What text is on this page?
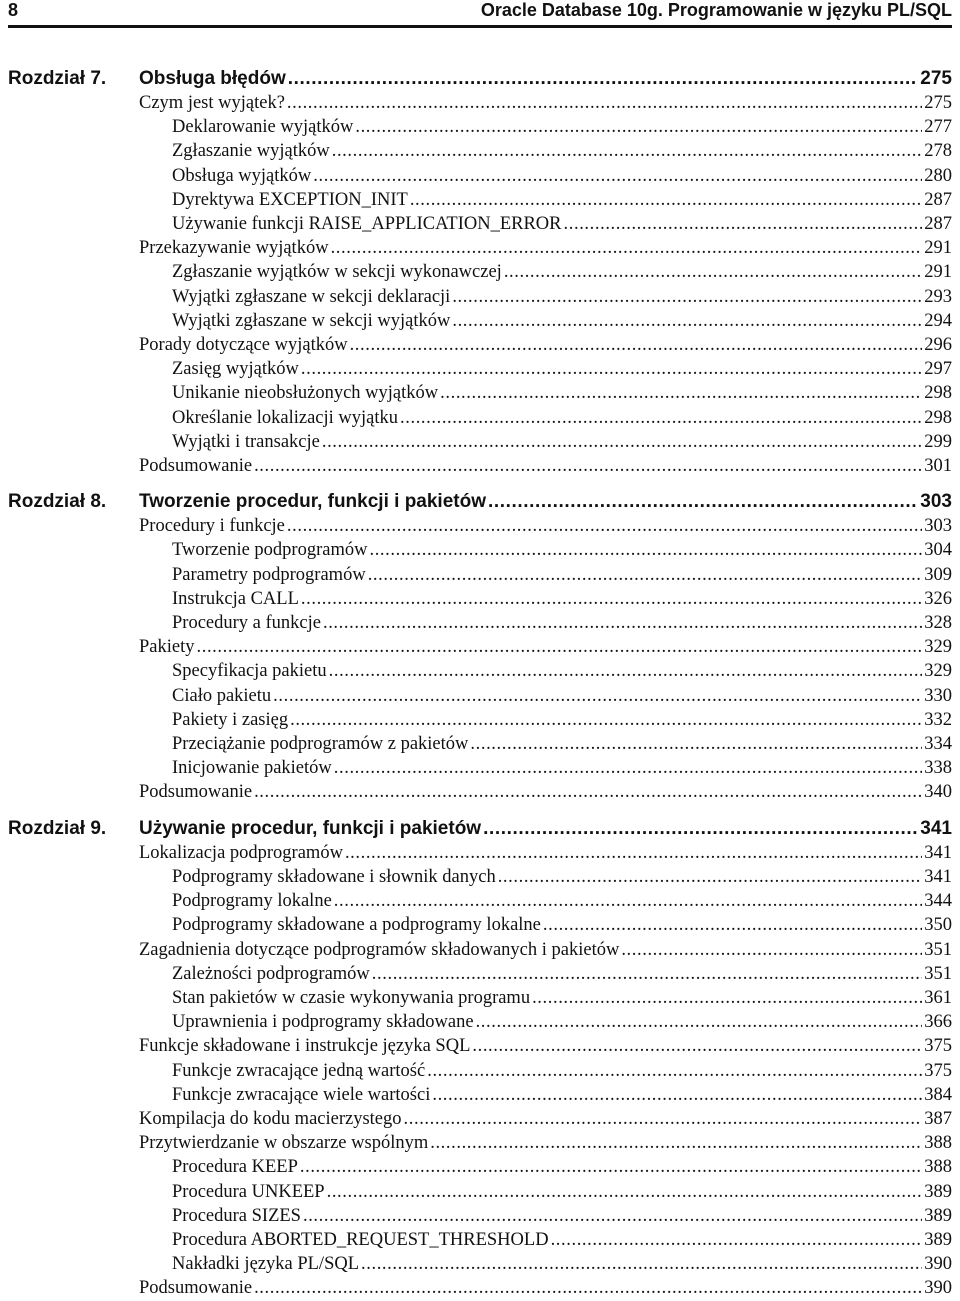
8	Oracle Database 10g. Programowanie w języku PL/SQL
Rozdział 7. Obsługa błędów .....	275
Czym jest wyjątek? .....	275
Deklarowanie wyjątków .....	277
Zgłaszanie wyjątków .....	278
Obsługa wyjątków .....	280
Dyrektywa EXCEPTION_INIT .....	287
Używanie funkcji RAISE_APPLICATION_ERROR .....	287
Przekazywanie wyjątków .....	291
Zgłaszanie wyjątków w sekcji wykonawczej .....	291
Wyjątki zgłaszane w sekcji deklaracji .....	293
Wyjątki zgłaszane w sekcji wyjątków .....	294
Porady dotyczące wyjątków .....	296
Zasięg wyjątków .....	297
Unikanie nieobsłużonych wyjątków .....	298
Określanie lokalizacji wyjątku .....	298
Wyjątki i transakcje .....	299
Podsumowanie .....	301
Rozdział 8. Tworzenie procedur, funkcji i pakietów .....	303
Procedury i funkcje .....	303
Tworzenie podprogramów .....	304
Parametry podprogramów .....	309
Instrukcja CALL .....	326
Procedury a funkcje .....	328
Pakiety .....	329
Specyfikacja pakietu .....	329
Ciało pakietu .....	330
Pakiety i zasięg .....	332
Przeciążanie podprogramów z pakietów .....	334
Inicjowanie pakietów .....	338
Podsumowanie .....	340
Rozdział 9. Używanie procedur, funkcji i pakietów .....	341
Lokalizacja podprogramów .....	341
Podprogramy składowane i słownik danych .....	341
Podprogramy lokalne .....	344
Podprogramy składowane a podprogramy lokalne .....	350
Zagadnienia dotyczące podprogramów składowanych i pakietów .....	351
Zależności podprogramów .....	351
Stan pakietów w czasie wykonywania programu .....	361
Uprawnienia i podprogramy składowane .....	366
Funkcje składowane i instrukcje języka SQL .....	375
Funkcje zwracające jedną wartość .....	375
Funkcje zwracające wiele wartości .....	384
Kompilacja do kodu macierzystego .....	387
Przytwierdzanie w obszarze wspólnym .....	388
Procedura KEEP .....	388
Procedura UNKEEP .....	389
Procedura SIZES .....	389
Procedura ABORTED_REQUEST_THRESHOLD .....	389
Nakładki języka PL/SQL .....	390
Podsumowanie .....	390
